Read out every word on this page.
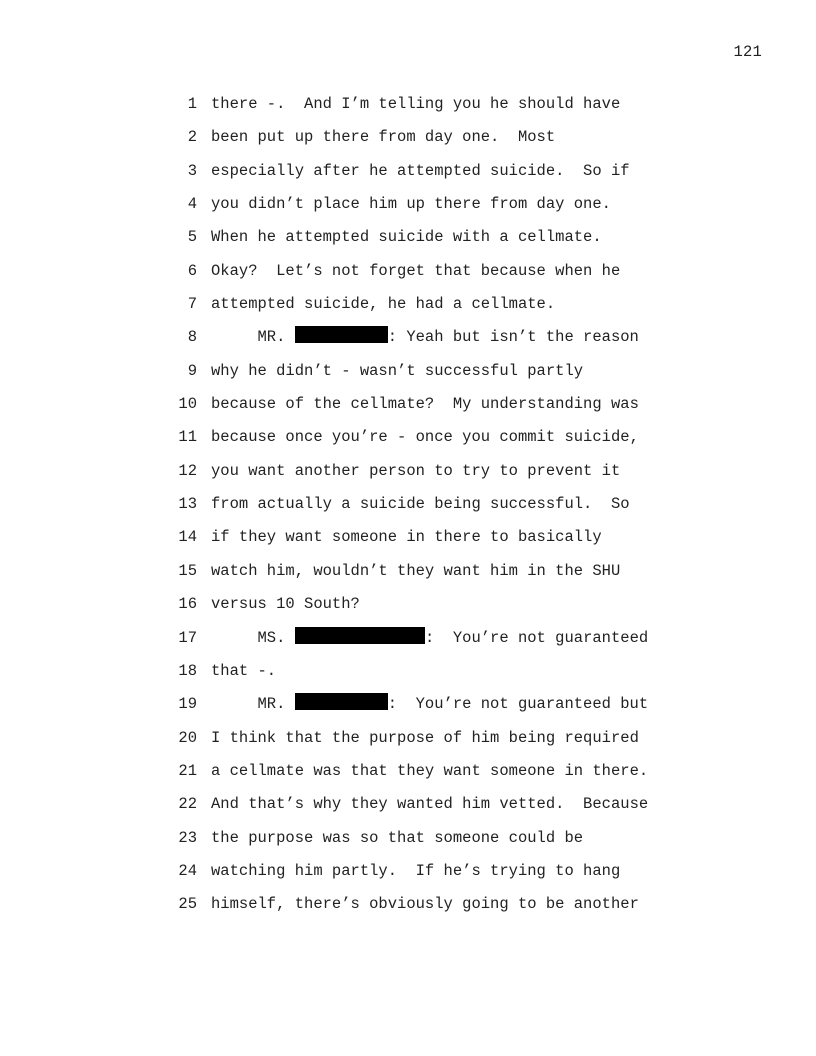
121
1 there -.  And I’m telling you he should have
2 been put up there from day one.  Most
3 especially after he attempted suicide.  So if
4 you didn’t place him up there from day one.
5 When he attempted suicide with a cellmate.
6 Okay?  Let’s not forget that because when he
7 attempted suicide, he had a cellmate.
8 MR.	: Yeah but isn’t the reason
9 why he didn’t - wasn’t successful partly
10 because of the cellmate?  My understanding was
11 because once you’re - once you commit suicide,
12 you want another person to try to prevent it
13 from actually a suicide being successful.  So
14 if they want someone in there to basically
15 watch him, wouldn’t they want him in the SHU
16 versus 10 South?
17 MS.	:  You’re not guaranteed
18 that -.
19 MR.	:  You’re not guaranteed but
20 I think that the purpose of him being required
21 a cellmate was that they want someone in there.
22 And that’s why they wanted him vetted.  Because
23 the purpose was so that someone could be
24 watching him partly.  If he’s trying to hang
25 himself, there’s obviously going to be another
